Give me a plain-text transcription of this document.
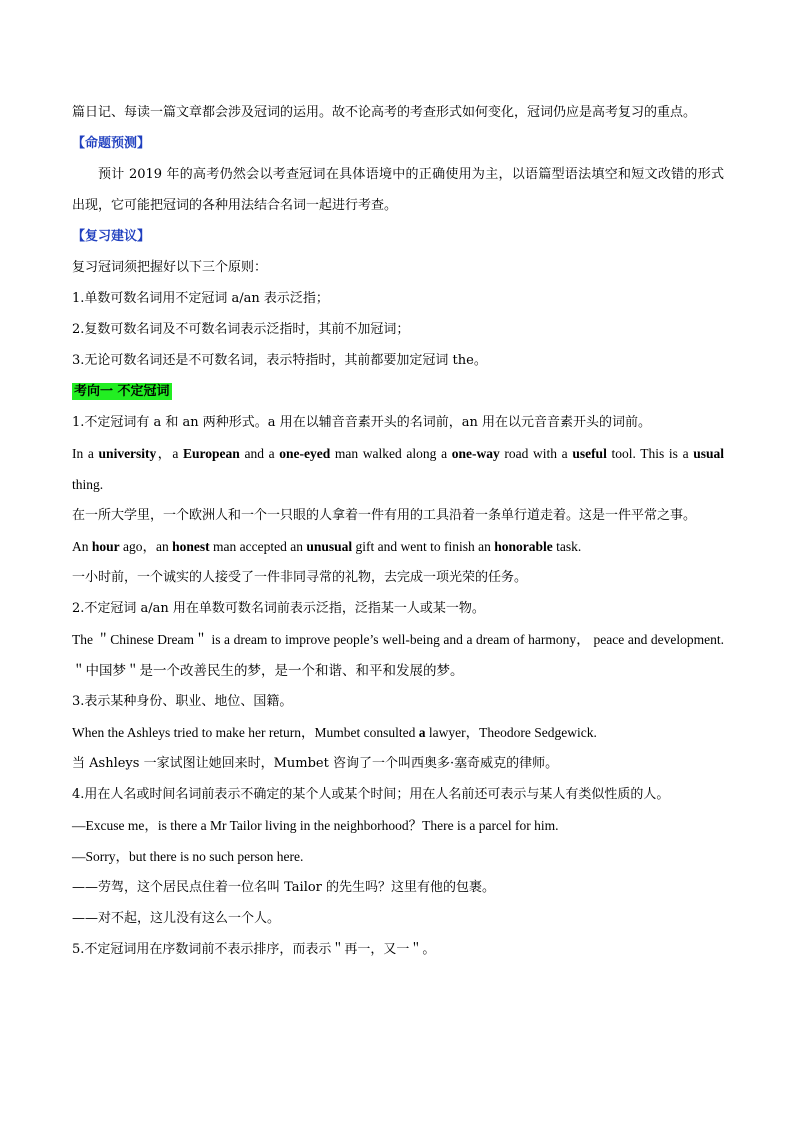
篇日记、每读一篇文章都会涉及冠词的运用。故不论高考的考查形式如何变化，冠词仍应是高考复习的重点。
【命题预测】
预计 2019 年的高考仍然会以考查冠词在具体语境中的正确使用为主，以语篇型语法填空和短文改错的形式出现，它可能把冠词的各种用法结合名词一起进行考查。
【复习建议】
复习冠词须把握好以下三个原则：
1.单数可数名词用不定冠词 a/an 表示泛指；
2.复数可数名词及不可数名词表示泛指时，其前不加冠词；
3.无论可数名词还是不可数名词，表示特指时，其前都要加定冠词 the。
考向一 不定冠词
1.不定冠词有 a 和 an 两种形式。a 用在以辅音音素开头的名词前，an 用在以元音音素开头的词前。
In a university，a European and a one-eyed man walked along a one-way road with a useful tool. This is a usual thing.
在一所大学里，一个欧洲人和一个一只眼的人拿着一件有用的工具沿着一条单行道走着。这是一件平常之事。
An hour ago，an honest man accepted an unusual gift and went to finish an honorable task.
一小时前，一个诚实的人接受了一件非同寻常的礼物，去完成一项光荣的任务。
2.不定冠词 a/an 用在单数可数名词前表示泛指，泛指某一人或某一物。
The ＂Chinese Dream＂ is a dream to improve people’s well-being and a dream of harmony， peace and development.＂中国梦＂是一个改善民生的梦，是一个和谐、和平和发展的梦。
3.表示某种身份、职业、地位、国籍。
When the Ashleys tried to make her return，Mumbet consulted a lawyer，Theodore Sedgewick.
当 Ashleys 一家试图让她回来时，Mumbet 咨询了一个叫西奥多·塞奇威克的律师。
4.用在人名或时间名词前表示不确定的某个人或某个时间；用在人名前还可表示与某人有类似性质的人。
—Excuse me，is there a Mr Tailor living in the neighborhood？There is a parcel for him.
—Sorry，but there is no such person here.
——劳驾，这个居民点住着一位名叫 Tailor 的先生吗？这里有他的包裹。
——对不起，这儿没有这么一个人。
5.不定冠词用在序数词前不表示排序，而表示＂再一，又一＂。
